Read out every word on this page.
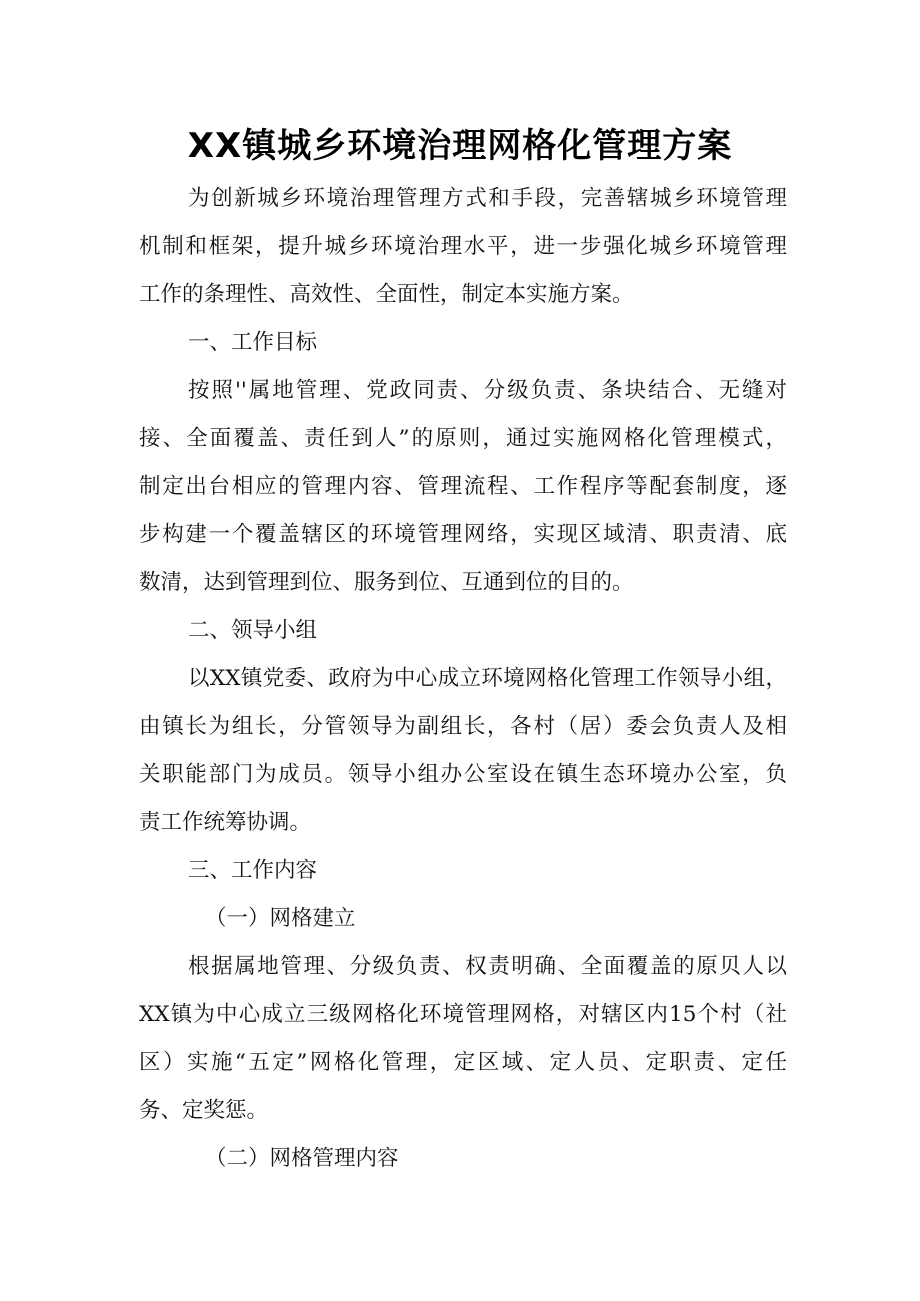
XX镇城乡环境治理网格化管理方案
为创新城乡环境治理管理方式和手段，完善辖城乡环境管理
机制和框架，提升城乡环境治理水平，进一步强化城乡环境管理
工作的条理性、高效性、全面性，制定本实施方案。
一、工作目标
按照''属地管理、党政同责、分级负责、条块结合、无缝对
接、全面覆盖、责任到人”的原则，通过实施网格化管理模式，
制定出台相应的管理内容、管理流程、工作程序等配套制度，逐
步构建一个覆盖辖区的环境管理网络，实现区域清、职责清、底
数清，达到管理到位、服务到位、互通到位的目的。
二、领导小组
以XX镇党委、政府为中心成立环境网格化管理工作领导小组，
由镇长为组长，分管领导为副组长，各村（居）委会负责人及相
关职能部门为成员。领导小组办公室设在镇生态环境办公室，负
责工作统筹协调。
三、工作内容
（一）网格建立
根据属地管理、分级负责、权责明确、全面覆盖的原贝人以
XX镇为中心成立三级网格化环境管理网格，对辖区内15个村（社
区）实施“五定”网格化管理，定区域、定人员、定职责、定任
务、定奖惩。
（二）网格管理内容
